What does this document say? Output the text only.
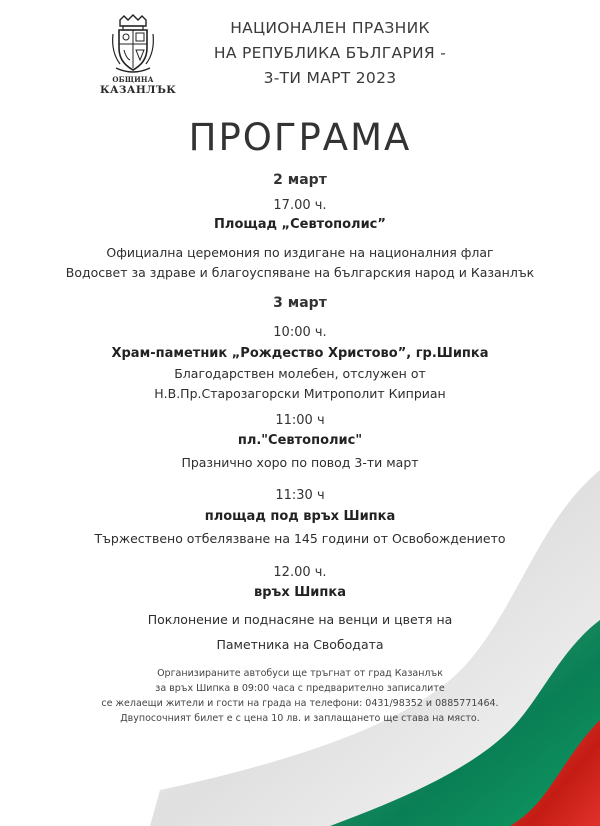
ОБЩИНА
КАЗАНЛЪК
НАЦИОНАЛЕН ПРАЗНИК
НА РЕПУБЛИКА БЪЛГАРИЯ -
3-ТИ МАРТ 2023
ПРОГРАМА
2 март
17.00 ч.
Площад „Севтополис”
Официална церемония по издигане на националния флаг
Водосвет за здраве и благоуспяване на българския народ и Казанлък
3 март
10:00 ч.
Храм-паметник „Рождество Христово”, гр.Шипка
Благодарствен молебен, отслужен от
Н.В.Пр.Старозагорски Митрополит Киприан
11:00 ч
пл."Севтополис"
Празнично хоро по повод 3-ти март
11:30 ч
площад под връх Шипка
Тържествено отбелязване на 145 години от Освобождението
12.00 ч.
връх Шипка
Поклонение и поднасяне на венци и цветя на
Паметника на Свободата
Организираните автобуси ще тръгнат от град Казанлък
за връх Шипка в 09:00 часа с предварително записалите
се желаещи жители и гости на града на телефони: 0431/98352 и 0885771464.
Двупосочният билет е с цена 10 лв. и заплащането ще става на място.
